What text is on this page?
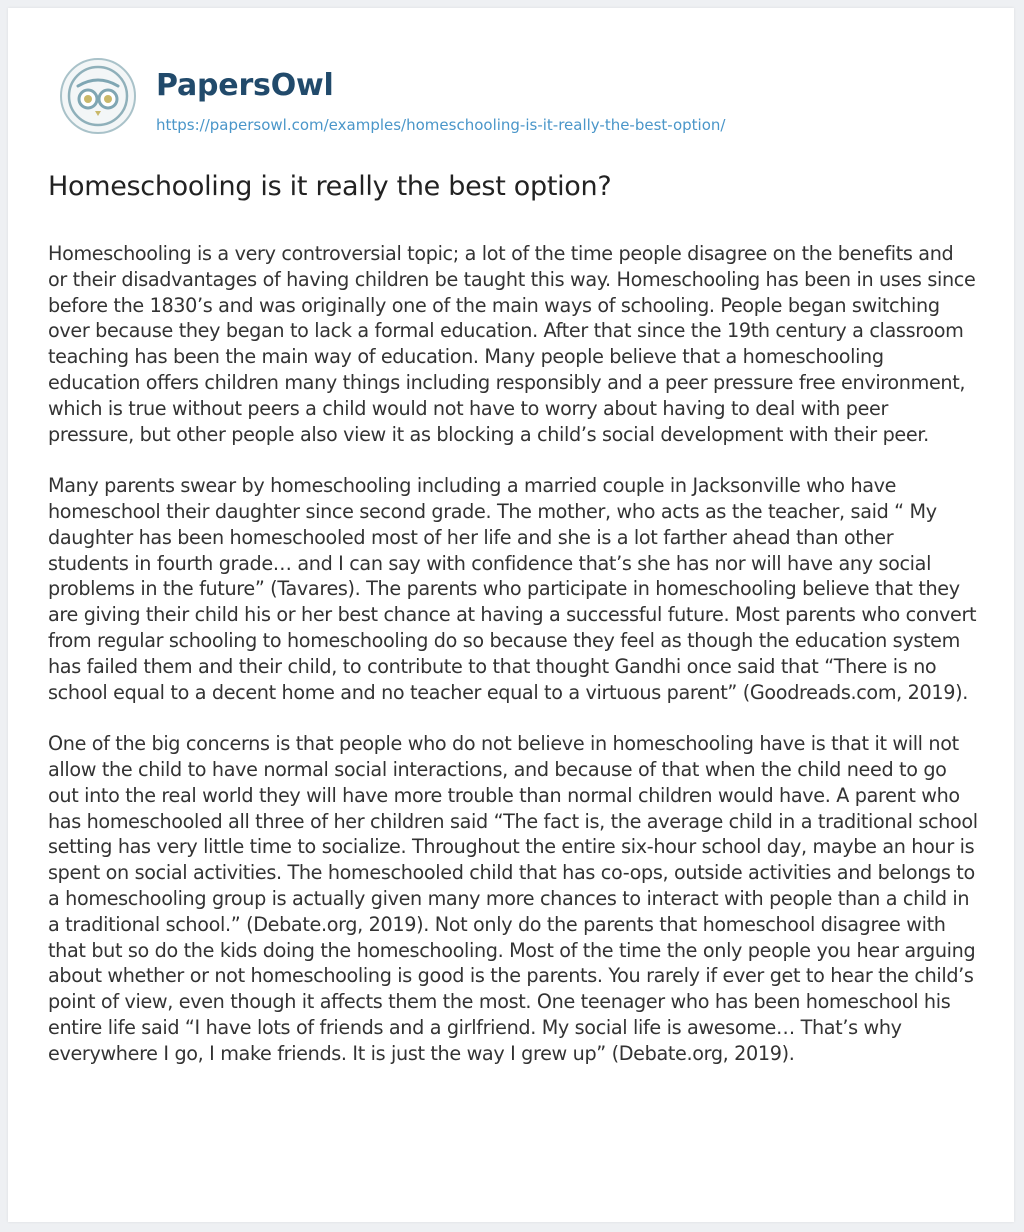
PapersOwl
https://papersowl.com/examples/homeschooling-is-it-really-the-best-option/
Homeschooling is it really the best option?

Homeschooling is a very controversial topic; a lot of the time people disagree on the benefits and or their disadvantages of having children be taught this way. Homeschooling has been in uses since before the 1830’s and was originally one of the main ways of schooling. People began switching over because they began to lack a formal education. After that since the 19th century a classroom teaching has been the main way of education. Many people believe that a homeschooling education offers children many things including responsibly and a peer pressure free environment, which is true without peers a child would not have to worry about having to deal with peer pressure, but other people also view it as blocking a child’s social development with their peer.

Many parents swear by homeschooling including a married couple in Jacksonville who have homeschool their daughter since second grade. The mother, who acts as the teacher, said “ My daughter has been homeschooled most of her life and she is a lot farther ahead than other students in fourth grade… and I can say with confidence that’s she has nor will have any social problems in the future” (Tavares). The parents who participate in homeschooling believe that they are giving their child his or her best chance at having a successful future. Most parents who convert from regular schooling to homeschooling do so because they feel as though the education system has failed them and their child, to contribute to that thought Gandhi once said that “There is no school equal to a decent home and no teacher equal to a virtuous parent” (Goodreads.com, 2019).

One of the big concerns is that people who do not believe in homeschooling have is that it will not allow the child to have normal social interactions, and because of that when the child need to go out into the real world they will have more trouble than normal children would have. A parent who has homeschooled all three of her children said “The fact is, the average child in a traditional school setting has very little time to socialize. Throughout the entire six-hour school day, maybe an hour is spent on social activities. The homeschooled child that has co-ops, outside activities and belongs to a homeschooling group is actually given many more chances to interact with people than a child in a traditional school.” (Debate.org, 2019). Not only do the parents that homeschool disagree with that but so do the kids doing the homeschooling. Most of the time the only people you hear arguing about whether or not homeschooling is good is the parents. You rarely if ever get to hear the child’s point of view, even though it affects them the most. One teenager who has been homeschool his entire life said “I have lots of friends and a girlfriend. My social life is awesome… That’s why everywhere I go, I make friends. It is just the way I grew up” (Debate.org, 2019).
